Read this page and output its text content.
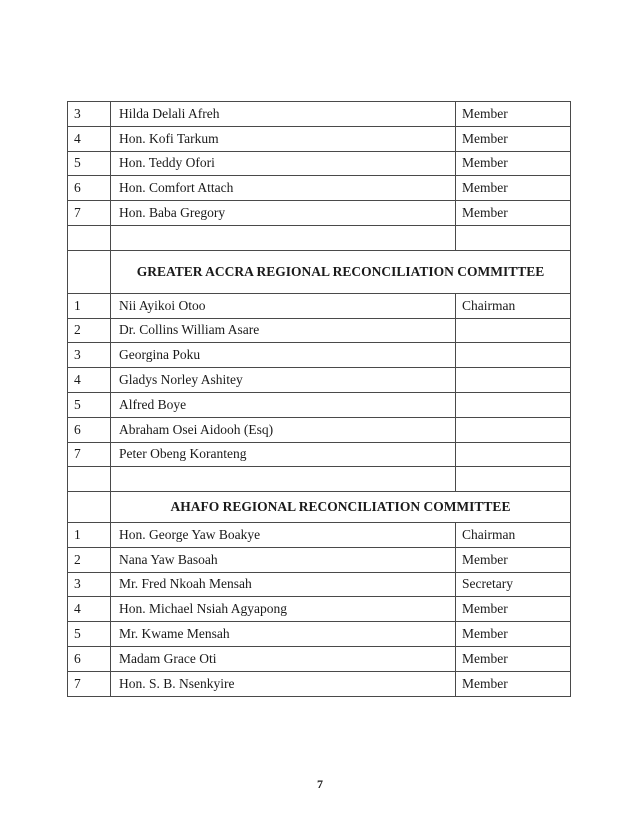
3	Hilda Delali Afreh	Member
4	Hon. Kofi Tarkum	Member
5	Hon. Teddy Ofori	Member
6	Hon. Comfort Attach	Member
7	Hon. Baba Gregory	Member

	GREATER ACCRA REGIONAL RECONCILIATION COMMITTEE	
1	Nii Ayikoi Otoo	Chairman
2	Dr. Collins William Asare	
3	Georgina Poku	
4	Gladys Norley Ashitey	
5	Alfred Boye	
6	Abraham Osei Aidooh (Esq)	
7	Peter Obeng Koranteng	

	AHAFO REGIONAL RECONCILIATION COMMITTEE	
1	Hon. George Yaw Boakye	Chairman
2	Nana Yaw Basoah	Member
3	Mr. Fred Nkoah Mensah	Secretary
4	Hon. Michael Nsiah Agyapong	Member
5	Mr. Kwame Mensah	Member
6	Madam Grace Oti	Member
7	Hon. S. B. Nsenkyire	Member
7
